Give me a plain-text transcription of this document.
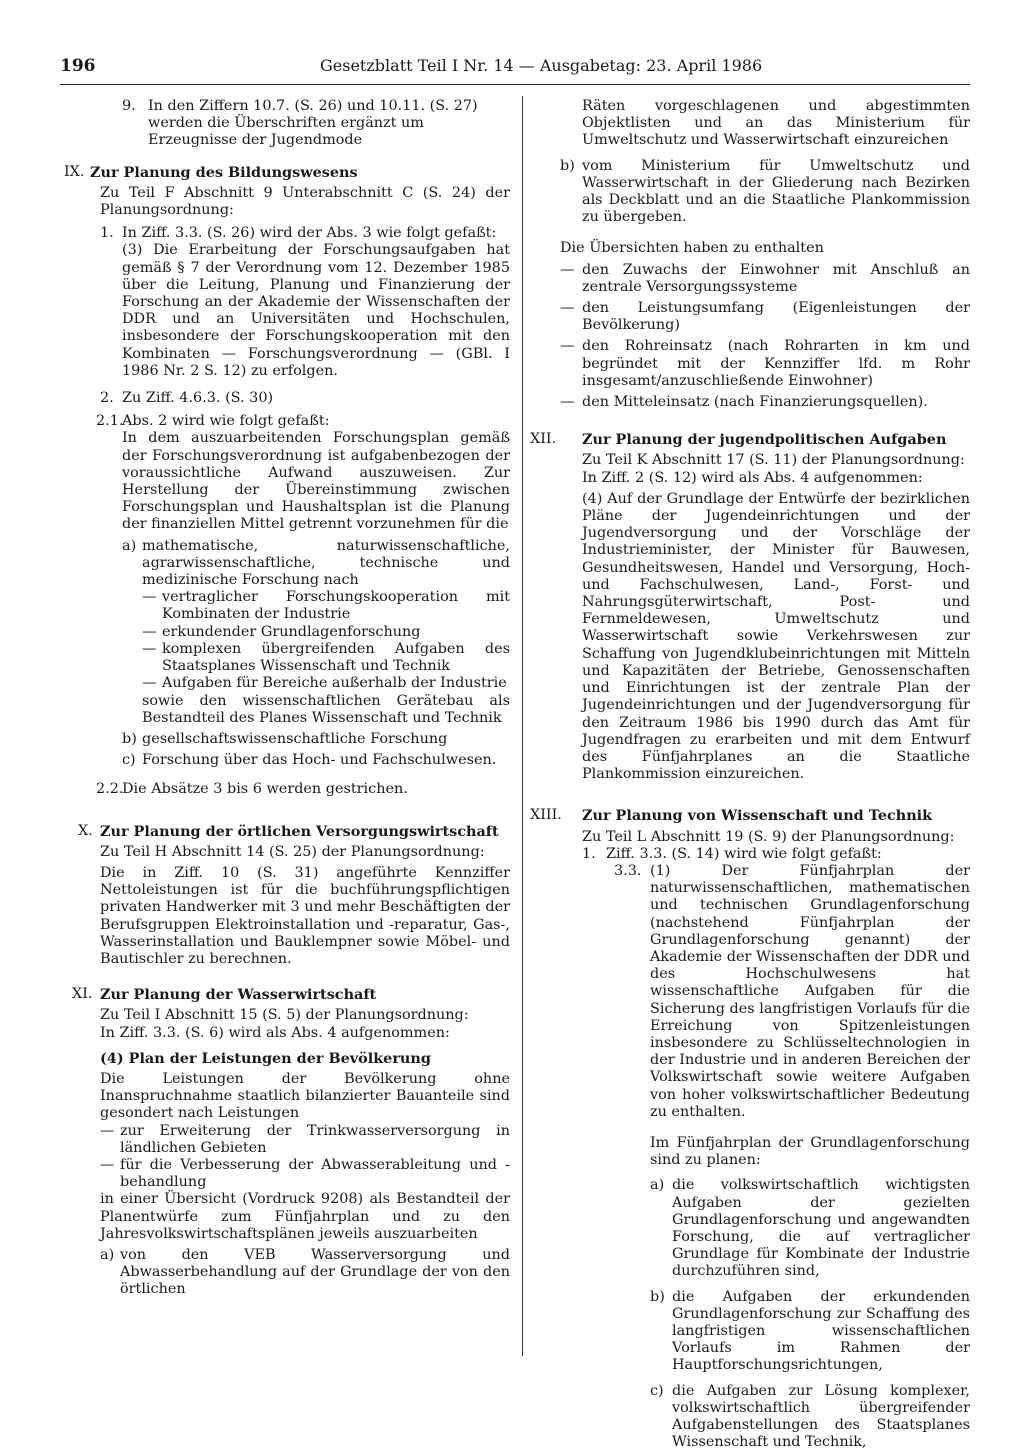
196	Gesetzblatt Teil I Nr. 14 — Ausgabetag: 23. April 1986
9. In den Ziffern 10.7. (S. 26) und 10.11. (S. 27) werden die Überschriften ergänzt um Erzeugnisse der Jugendmode
IX. Zur Planung des Bildungswesens

Zu Teil F Abschnitt 9 Unterabschnitt C (S. 24) der Planungsordnung:

1. In Ziff. 3.3. (S. 26) wird der Abs. 3 wie folgt gefaßt:

(3) Die Erarbeitung der Forschungsaufgaben hat gemäß § 7 der Verordnung vom 12. Dezember 1985 über die Leitung, Planung und Finanzierung der Forschung an der Akademie der Wissenschaften der DDR und an Universitäten und Hochschulen, insbesondere der Forschungskooperation mit den Kombinaten — Forschungsverordnung — (GBl. I 1986 Nr. 2 S. 12) zu erfolgen.

2. Zu Ziff. 4.6.3. (S. 30)
2.1.

Abs. 2 wird wie folgt gefaßt:

In dem auszuarbeitenden Forschungsplan gemäß der Forschungsverordnung ist aufgabenbezogen der voraussichtliche Aufwand auszuweisen. Zur Herstellung der Übereinstimmung zwischen Forschungsplan und Haushaltsplan ist die Planung der finanziellen Mittel getrennt vorzunehmen für die

a) mathematische, naturwissenschaftliche, agrarwissenschaftliche, technische und medizinische Forschung nach

— vertraglicher Forschungskooperation mit Kombinaten der Industrie
— erkundender Grundlagenforschung
— komplexen übergreifenden Aufgaben des Staatsplanes Wissenschaft und Technik
— Aufgaben für Bereiche außerhalb der Industrie

sowie den wissenschaftlichen Gerätebau als Bestandteil des Planes Wissenschaft und Technik

b) gesellschaftswissenschaftliche Forschung
c) Forschung über das Hoch- und Fachschulwesen.
2.2.
Die Absätze 3 bis 6 werden gestrichen.
X. Zur Planung der örtlichen Versorgungswirtschaft

Zu Teil H Abschnitt 14 (S. 25) der Planungsordnung:

Die in Ziff. 10 (S. 31) angeführte Kennziffer Nettoleistungen ist für die buchführungspflichtigen privaten Handwerker mit 3 und mehr Beschäftigten der Berufsgruppen Elektroinstallation und -reparatur, Gas-, Wasserinstallation und Bauklempner sowie Möbel- und Bautischler zu berechnen.

XI. Zur Planung der Wasserwirtschaft

Zu Teil I Abschnitt 15 (S. 5) der Planungsordnung:

In Ziff. 3.3. (S. 6) wird als Abs. 4 aufgenommen:

(4) Plan der Leistungen der Bevölkerung

Die Leistungen der Bevölkerung ohne Inanspruchnahme staatlich bilanzierter Bauanteile sind gesondert nach Leistungen

— zur Erweiterung der Trinkwasserversorgung in ländlichen Gebieten
— für die Verbesserung der Abwasserableitung und -behandlung

in einer Übersicht (Vordruck 9208) als Bestandteil der Planentwürfe zum Fünfjahrplan und zu den Jahresvolkswirtschaftsplänen jeweils auszuarbeiten

a) von den VEB Wasserversorgung und Abwasserbehandlung auf der Grundlage der von den örtlichen

Räten vorgeschlagenen und abgestimmten Objektlisten und an das Ministerium für Umweltschutz und Wasserwirtschaft einzureichen

b) vom Ministerium für Umweltschutz und Wasserwirtschaft in der Gliederung nach Bezirken als Deckblatt und an die Staatliche Plankommission zu übergeben.

Die Übersichten haben zu enthalten

— den Zuwachs der Einwohner mit Anschluß an zentrale Versorgungssysteme
— den Leistungsumfang (Eigenleistungen der Bevölkerung)
— den Rohreinsatz (nach Rohrarten in km und begründet mit der Kennziffer lfd. m Rohr insgesamt/anzuschließende Einwohner)
— den Mitteleinsatz (nach Finanzierungsquellen).
XII.	Zur Planung der jugendpolitischen Aufgaben

Zu Teil K Abschnitt 17 (S. 11) der Planungsordnung:

In Ziff. 2 (S. 12) wird als Abs. 4 aufgenommen:

(4) Auf der Grundlage der Entwürfe der bezirklichen Pläne der Jugendeinrichtungen und der Jugendversorgung und der Vorschläge der Industrieminister, der Minister für Bauwesen, Gesundheitswesen, Handel und Versorgung, Hoch- und Fachschulwesen, Land-, Forst- und Nahrungsgüterwirtschaft, Post- und Fernmeldewesen, Umweltschutz und Wasserwirtschaft sowie Verkehrswesen zur Schaffung von Jugendklubeinrichtungen mit Mitteln und Kapazitäten der Betriebe, Genossenschaften und Einrichtungen ist der zentrale Plan der Jugendeinrichtungen und der Jugendversorgung für den Zeitraum 1986 bis 1990 durch das Amt für Jugendfragen zu erarbeiten und mit dem Entwurf des Fünfjahrplanes an die Staatliche Plankommission einzureichen.

XIII.	Zur Planung von Wissenschaft und Technik

Zu Teil L Abschnitt 19 (S. 9) der Planungsordnung:

1. Ziff. 3.3. (S. 14) wird wie folgt gefaßt:
3.3. (1) Der Fünfjahrplan der naturwissenschaftlichen, mathematischen und technischen Grundlagenforschung (nachstehend Fünfjahrplan der Grundlagenforschung genannt) der Akademie der Wissenschaften der DDR und des Hochschulwesens hat wissenschaftliche Aufgaben für die Sicherung des langfristigen Vorlaufs für die Erreichung von Spitzenleistungen insbesondere zu Schlüsseltechnologien in der Industrie und in anderen Bereichen der Volkswirtschaft sowie weitere Aufgaben von hoher volkswirtschaftlicher Bedeutung zu enthalten.

Im Fünfjahrplan der Grundlagenforschung sind zu planen:

a) die volkswirtschaftlich wichtigsten Aufgaben der gezielten Grundlagenforschung und angewandten Forschung, die auf vertraglicher Grundlage für Kombinate der Industrie durchzuführen sind,
b) die Aufgaben der erkundenden Grundlagenforschung zur Schaffung des langfristigen wissenschaftlichen Vorlaufs im Rahmen der Hauptforschungsrichtungen,
c) die Aufgaben zur Lösung komplexer, volkswirtschaftlich übergreifender Aufgabenstellungen des Staatsplanes Wissenschaft und Technik,
